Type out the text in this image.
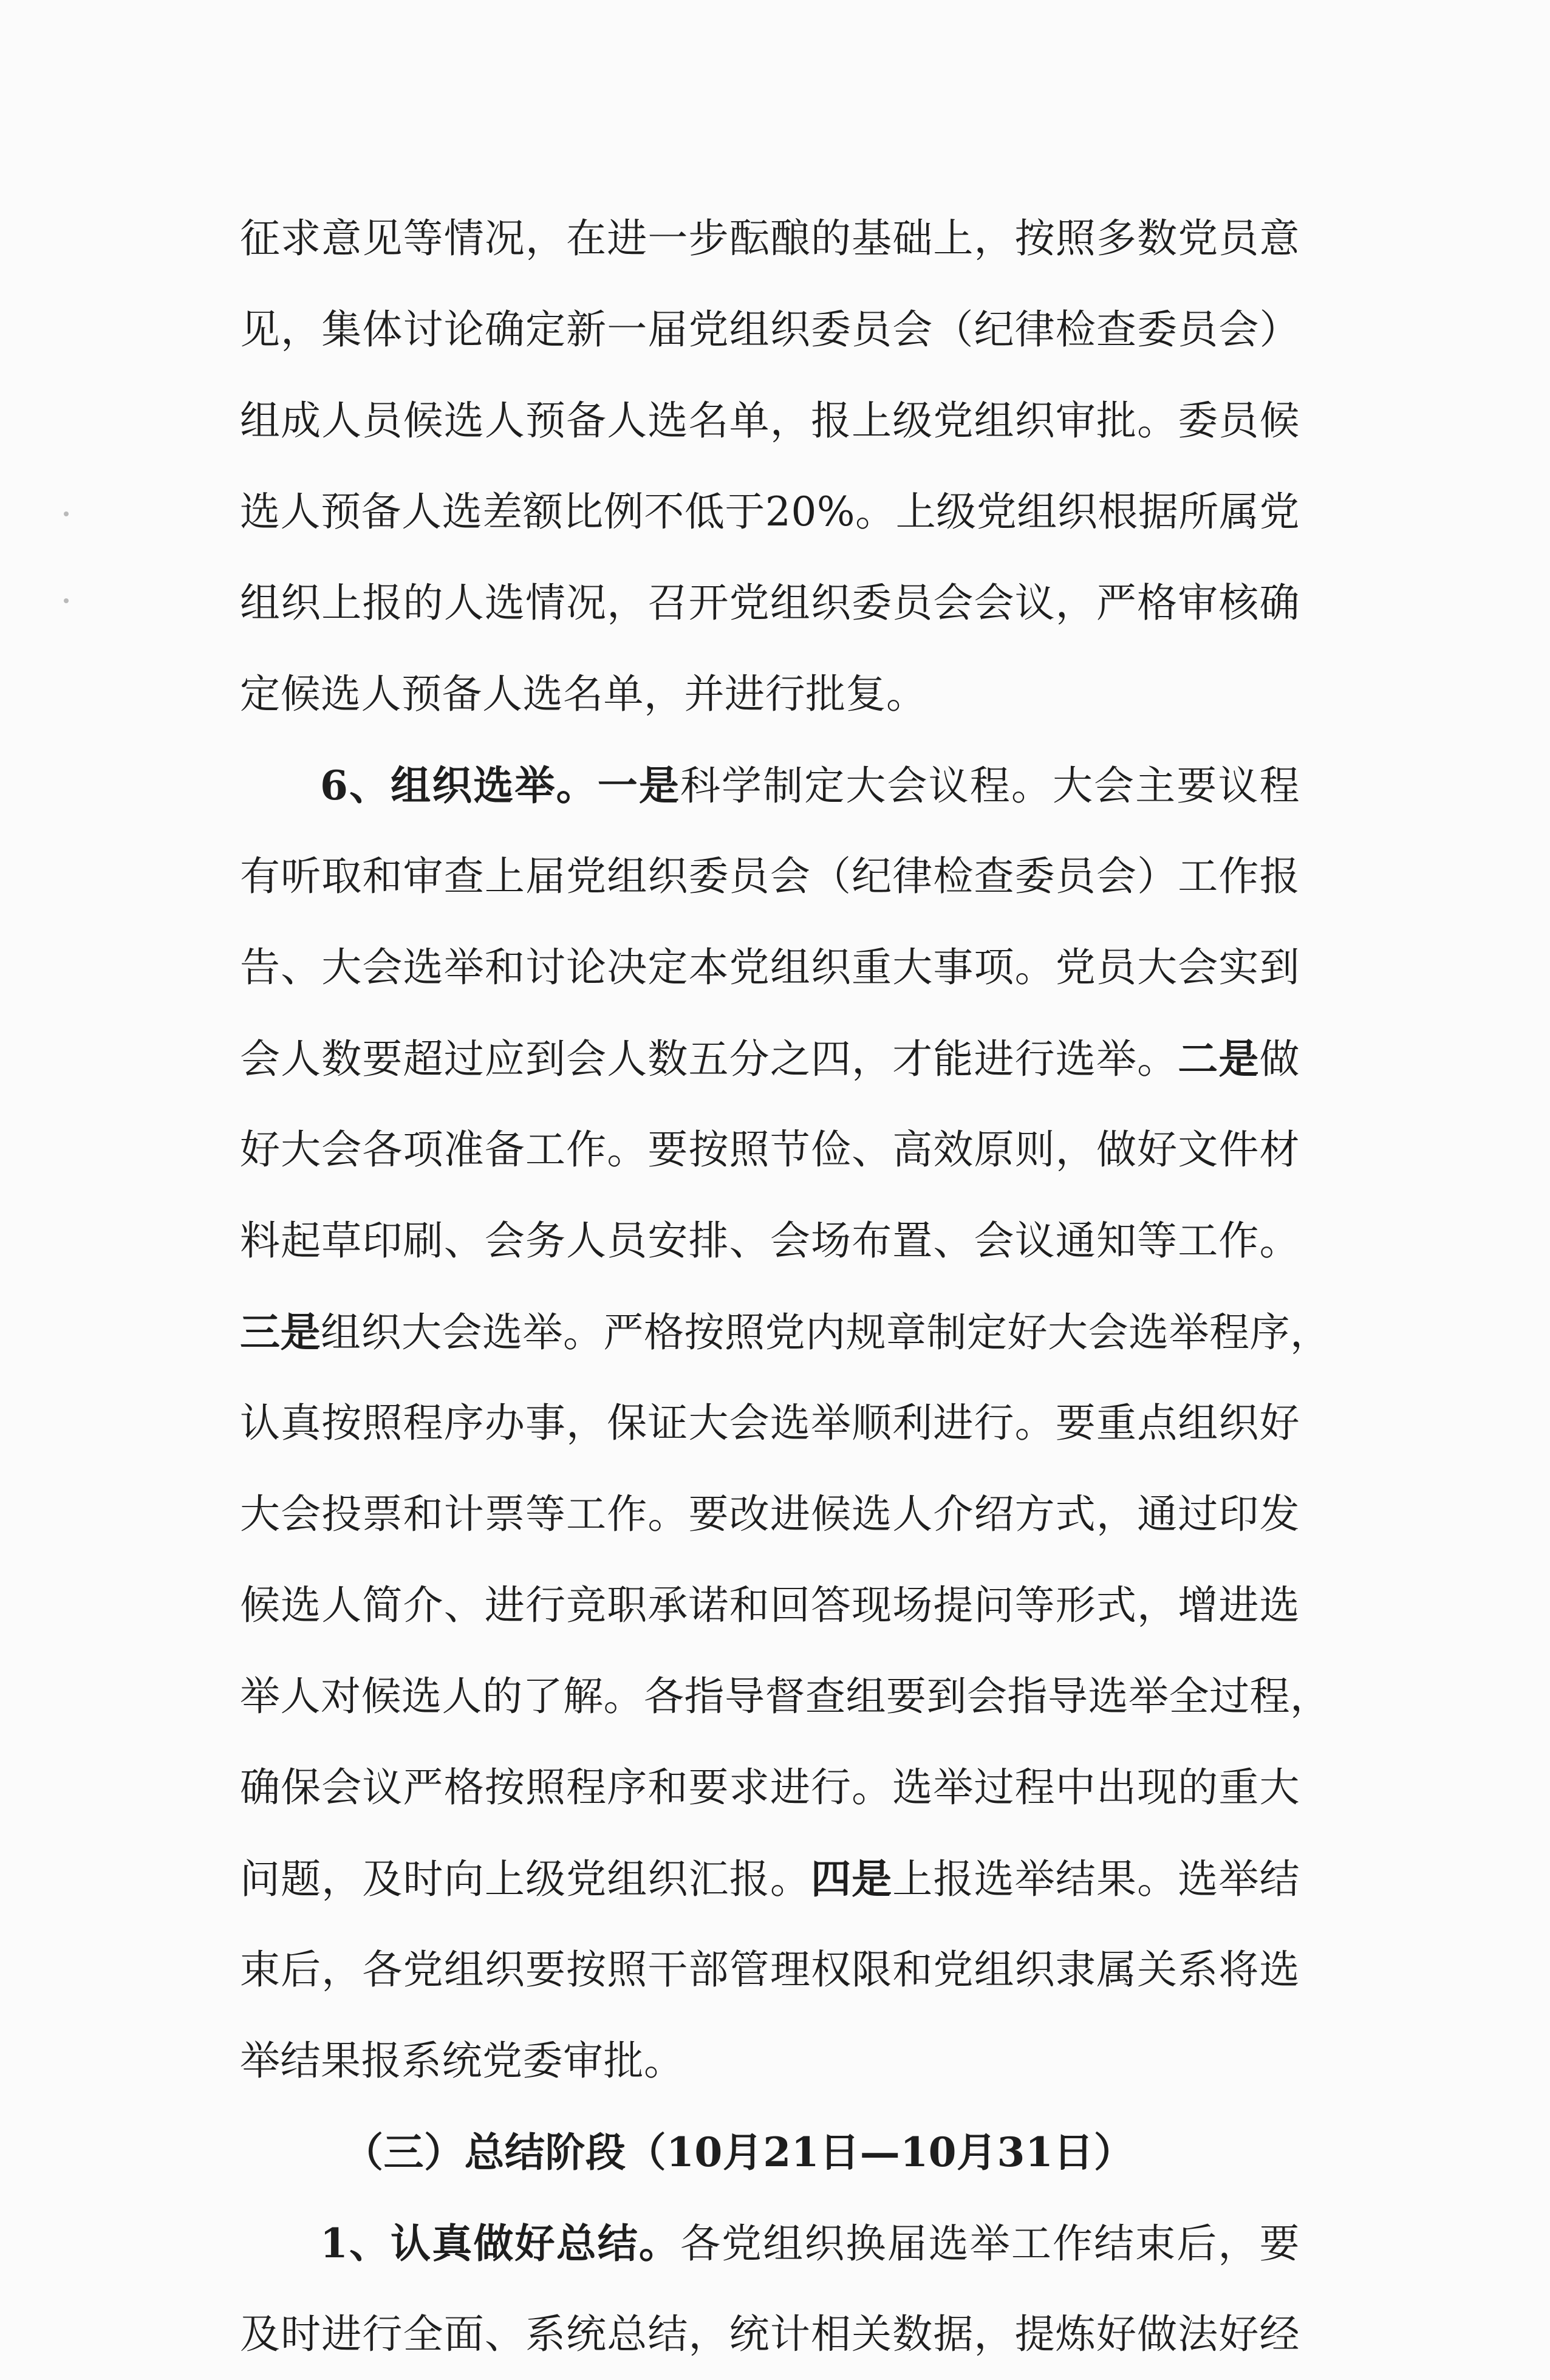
征求意见等情况，在进一步酝酿的基础上，按照多数党员意
见，集体讨论确定新一届党组织委员会（纪律检查委员会）
组成人员候选人预备人选名单，报上级党组织审批。委员候
选人预备人选差额比例不低于20%。上级党组织根据所属党
组织上报的人选情况，召开党组织委员会会议，严格审核确
定候选人预备人选名单，并进行批复。
6、组织选举。一是科学制定大会议程。大会主要议程
有听取和审查上届党组织委员会（纪律检查委员会）工作报
告、大会选举和讨论决定本党组织重大事项。党员大会实到
会人数要超过应到会人数五分之四，才能进行选举。二是做
好大会各项准备工作。要按照节俭、高效原则，做好文件材
料起草印刷、会务人员安排、会场布置、会议通知等工作。
三是组织大会选举。严格按照党内规章制定好大会选举程序，
认真按照程序办事，保证大会选举顺利进行。要重点组织好
大会投票和计票等工作。要改进候选人介绍方式，通过印发
候选人简介、进行竞职承诺和回答现场提问等形式，增进选
举人对候选人的了解。各指导督查组要到会指导选举全过程，
确保会议严格按照程序和要求进行。选举过程中出现的重大
问题，及时向上级党组织汇报。四是上报选举结果。选举结
束后，各党组织要按照干部管理权限和党组织隶属关系将选
举结果报系统党委审批。
（三）总结阶段（10月21日—10月31日）
1、认真做好总结。各党组织换届选举工作结束后，要
及时进行全面、系统总结，统计相关数据，提炼好做法好经
